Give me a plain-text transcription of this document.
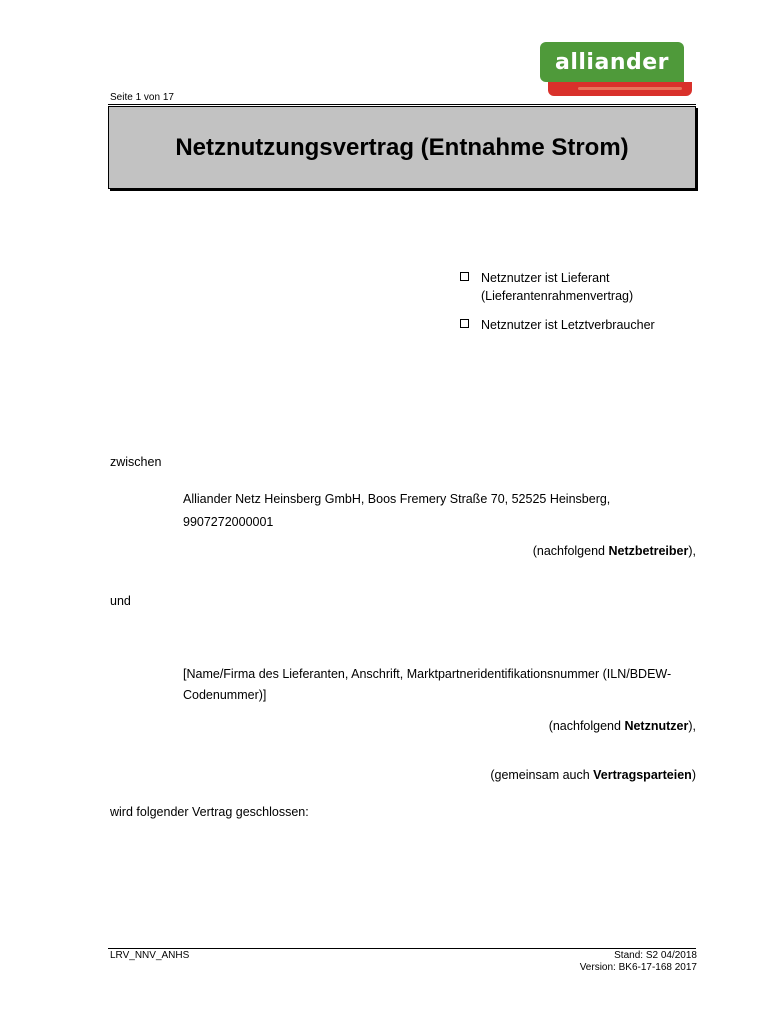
alliander
Seite 1 von 17
Netznutzungsvertrag (Entnahme Strom)
Netznutzer ist Lieferant
(Lieferantenrahmenvertrag)
Netznutzer ist Letztverbraucher
zwischen
Alliander Netz Heinsberg GmbH, Boos Fremery Straße 70, 52525 Heinsberg,
9907272000001
(nachfolgend Netzbetreiber),
und
[Name/Firma des Lieferanten, Anschrift, Marktpartneridentifikationsnummer (ILN/BDEW-
Codenummer)]
(nachfolgend Netznutzer),
(gemeinsam auch Vertragsparteien)
wird folgender Vertrag geschlossen:
LRV_NNV_ANHS	Stand: S2 04/2018
Version: BK6-17-168 2017
